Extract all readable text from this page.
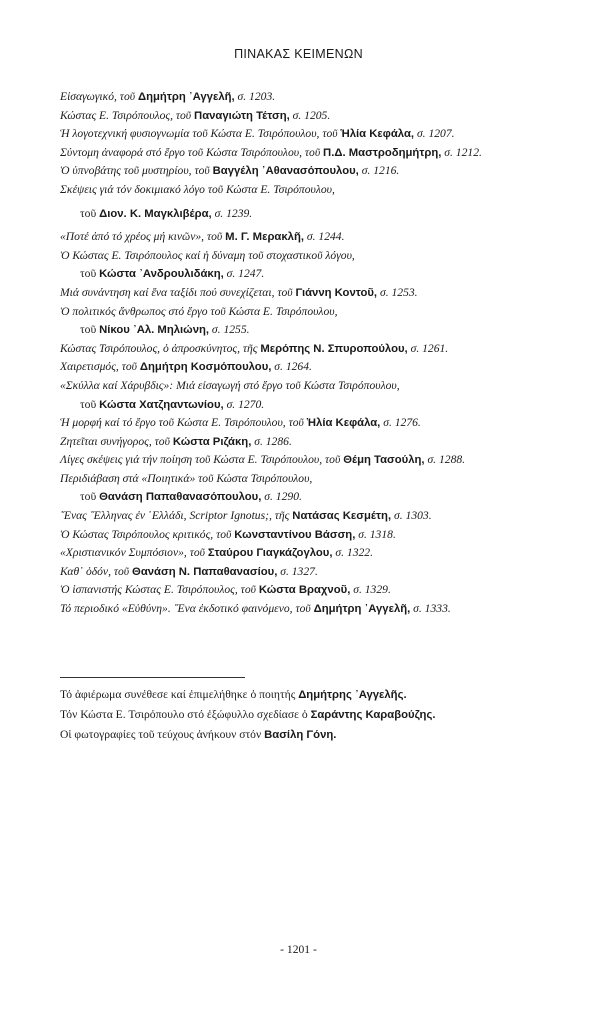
ΠΙΝΑΚΑΣ ΚΕΙΜΕΝΩΝ
Εἰσαγωγικό, τοῦ Δημήτρη ᾿Αγγελῆ, σ. 1203.
Κώστας Ε. Τσιρόπουλος, τοῦ Παναγιώτη Τέτση, σ. 1205.
Ἡ λογοτεχνική φυσιογνωμία τοῦ Κώστα Ε. Τσιρόπουλου, τοῦ Ἡλία Κεφάλα, σ. 1207.
Σύντομη ἀναφορά στό ἔργο τοῦ Κώστα Τσιρόπουλου, τοῦ Π.Δ. Μαστροδημήτρη, σ. 1212.
Ὁ ὑπνοβάτης τοῦ μυστηρίου, τοῦ Βαγγέλη ᾿Αθανασόπουλου, σ. 1216.
Σκέψεις γιά τόν δοκιμιακό λόγο τοῦ Κώστα Ε. Τσιρόπουλου,
τοῦ Διον. Κ. Μαγκλιβέρα, σ. 1239.
«Ποτέ ἀπό τό χρέος μή κινῶν», τοῦ Μ. Γ. Μερακλῆ, σ. 1244.
Ὁ Κώστας Ε. Τσιρόπουλος καί ἡ δύναμη τοῦ στοχαστικοῦ λόγου,
τοῦ Κώστα ᾿Ανδρουλιδάκη, σ. 1247.
Μιά συνάντηση καί ἕνα ταξίδι πού συνεχίζεται, τοῦ Γιάννη Κοντοῦ, σ. 1253.
Ὁ πολιτικός ἄνθρωπος στό ἔργο τοῦ Κώστα Ε. Τσιρόπουλου,
τοῦ Νίκου ᾿Αλ. Μηλιώνη, σ. 1255.
Κώστας Τσιρόπουλος, ὁ ἀπροσκύνητος, τῆς Μερόπης Ν. Σπυροπούλου, σ. 1261.
Χαιρετισμός, τοῦ Δημήτρη Κοσμόπουλου, σ. 1264.
«Σκύλλα καί Χάρυβδις»: Μιά εἰσαγωγή στό ἔργο τοῦ Κώστα Τσιρόπουλου,
τοῦ Κώστα Χατζηαντωνίου, σ. 1270.
Ἡ μορφή καί τό ἔργο τοῦ Κώστα Ε. Τσιρόπουλου, τοῦ Ἡλία Κεφάλα, σ. 1276.
Ζητεῖται συνήγορος, τοῦ Κώστα Ριζάκη, σ. 1286.
Λίγες σκέψεις γιά τήν ποίηση τοῦ Κώστα Ε. Τσιρόπουλου, τοῦ Θέμη Τασούλη, σ. 1288.
Περιδιάβαση στά «Ποιητικά» τοῦ Κώστα Τσιρόπουλου,
τοῦ Θανάση Παπαθανασόπουλου, σ. 1290.
῞Ενας ῞Ελληνας ἐν ῾Ελλάδι, Scriptor Ignotus;, τῆς Νατάσας Κεσμέτη, σ. 1303.
Ὁ Κώστας Τσιρόπουλος κριτικός, τοῦ Κωνσταντίνου Βάσση, σ. 1318.
«Χριστιανικόν Συμπόσιον», τοῦ Σταύρου Γιαγκάζογλου, σ. 1322.
Καθ᾿ ὁδόν, τοῦ Θανάση Ν. Παπαθανασίου, σ. 1327.
Ὁ ἱσπανιστής Κώστας Ε. Τσιρόπουλος, τοῦ Κώστα Βραχνοῦ, σ. 1329.
Τό περιοδικό «Εὐθύνη». ῞Ενα ἐκδοτικό φαινόμενο, τοῦ Δημήτρη ᾿Αγγελῆ, σ. 1333.
Τό ἀφιέρωμα συνέθεσε καί ἐπιμελήθηκε ὁ ποιητής Δημήτρης ᾿Αγγελῆς.
Τόν Κώστα Ε. Τσιρόπουλο στό ἐξώφυλλο σχεδίασε ὁ Σαράντης Καραβούζης.
Οἱ φωτογραφίες τοῦ τεύχους ἀνήκουν στόν Βασίλη Γόνη.
- 1201 -
